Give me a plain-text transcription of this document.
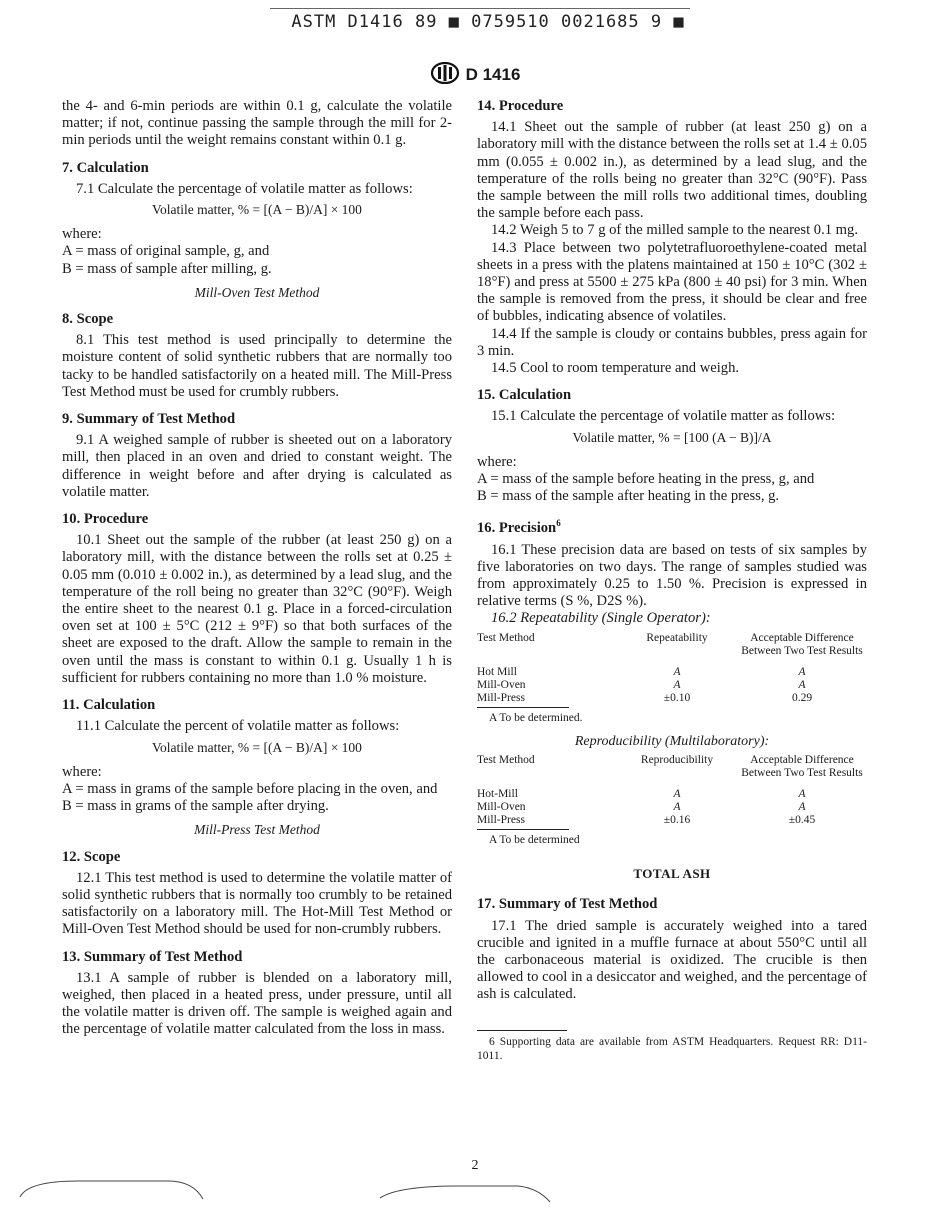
ASTM D1416 89 ■ 0759510 0021685 9 ■
D 1416

the 4- and 6-min periods are within 0.1 g, calculate the volatile matter; if not, continue passing the sample through the mill for 2-min periods until the weight remains constant within 0.1 g.

7. Calculation

7.1 Calculate the percentage of volatile matter as follows:

Volatile matter, % = [(A − B)/A] × 100
where:
A = mass of original sample, g, and
B = mass of sample after milling, g.
Mill-Oven Test Method
8. Scope

8.1 This test method is used principally to determine the moisture content of solid synthetic rubbers that are normally too tacky to be handled satisfactorily on a heated mill. The Mill-Press Test Method must be used for crumbly rubbers.

9. Summary of Test Method

9.1 A weighed sample of rubber is sheeted out on a laboratory mill, then placed in an oven and dried to constant weight. The difference in weight before and after drying is calculated as volatile matter.

10. Procedure

10.1 Sheet out the sample of the rubber (at least 250 g) on a laboratory mill, with the distance between the rolls set at 0.25 ± 0.05 mm (0.010 ± 0.002 in.), as determined by a lead slug, and the temperature of the roll being no greater than 32°C (90°F). Weigh the entire sheet to the nearest 0.1 g. Place in a forced-circulation oven set at 100 ± 5°C (212 ± 9°F) so that both surfaces of the sheet are exposed to the draft. Allow the sample to remain in the oven until the mass is constant to within 0.1 g. Usually 1 h is sufficient for rubbers containing no more than 1.0 % moisture.

11. Calculation

11.1 Calculate the percent of volatile matter as follows:

Volatile matter, % = [(A − B)/A] × 100
where:
A = mass in grams of the sample before placing in the oven, and
B = mass in grams of the sample after drying.
Mill-Press Test Method
12. Scope

12.1 This test method is used to determine the volatile matter of solid synthetic rubbers that is normally too crumbly to be retained satisfactorily on a laboratory mill. The Hot-Mill Test Method or Mill-Oven Test Method should be used for non-crumbly rubbers.

13. Summary of Test Method

13.1 A sample of rubber is blended on a laboratory mill, weighed, then placed in a heated press, under pressure, until all the volatile matter is driven off. The sample is weighed again and the percentage of volatile matter calculated from the loss in mass.

14. Procedure

14.1 Sheet out the sample of rubber (at least 250 g) on a laboratory mill with the distance between the rolls set at 1.4 ± 0.05 mm (0.055 ± 0.002 in.), as determined by a lead slug, and the temperature of the rolls being no greater than 32°C (90°F). Pass the sample between the mill rolls two additional times, doubling the sample before each pass.

14.2 Weigh 5 to 7 g of the milled sample to the nearest 0.1 mg.

14.3 Place between two polytetrafluoroethylene-coated metal sheets in a press with the platens maintained at 150 ± 10°C (302 ± 18°F) and press at 5500 ± 275 kPa (800 ± 40 psi) for 3 min. When the sample is removed from the press, it should be clear and free of bubbles, indicating absence of volatiles.

14.4 If the sample is cloudy or contains bubbles, press again for 3 min.

14.5 Cool to room temperature and weigh.

15. Calculation

15.1 Calculate the percentage of volatile matter as follows:

Volatile matter, % = [100 (A − B)]/A
where:
A = mass of the sample before heating in the press, g, and
B = mass of the sample after heating in the press, g.
16. Precision$^6$

16.1 These precision data are based on tests of six samples by five laboratories on two days. The range of samples studied was from approximately 0.25 to 1.50 %. Precision is expressed in relative terms (S %, D2S %).

16.2 Repeatability (Single Operator):

Test Method	Repeatability	Acceptable Difference Between Two Test Results

Hot Mill	A	A
Mill-Oven	A	A
Mill-Press	±0.10	0.29
A To be determined.
Reproducibility (Multilaboratory):
Test Method	Reproducibility	Acceptable Difference Between Two Test Results

Hot-Mill	A	A
Mill-Oven	A	A
Mill-Press	±0.16	±0.45
A To be determined
TOTAL ASH
17. Summary of Test Method

17.1 The dried sample is accurately weighed into a tared crucible and ignited in a muffle furnace at about 550°C until all the carbonaceous material is oxidized. The crucible is then allowed to cool in a desiccator and weighed, and the percentage of ash is calculated.

6 Supporting data are available from ASTM Headquarters. Request RR: D11-1011.

2
